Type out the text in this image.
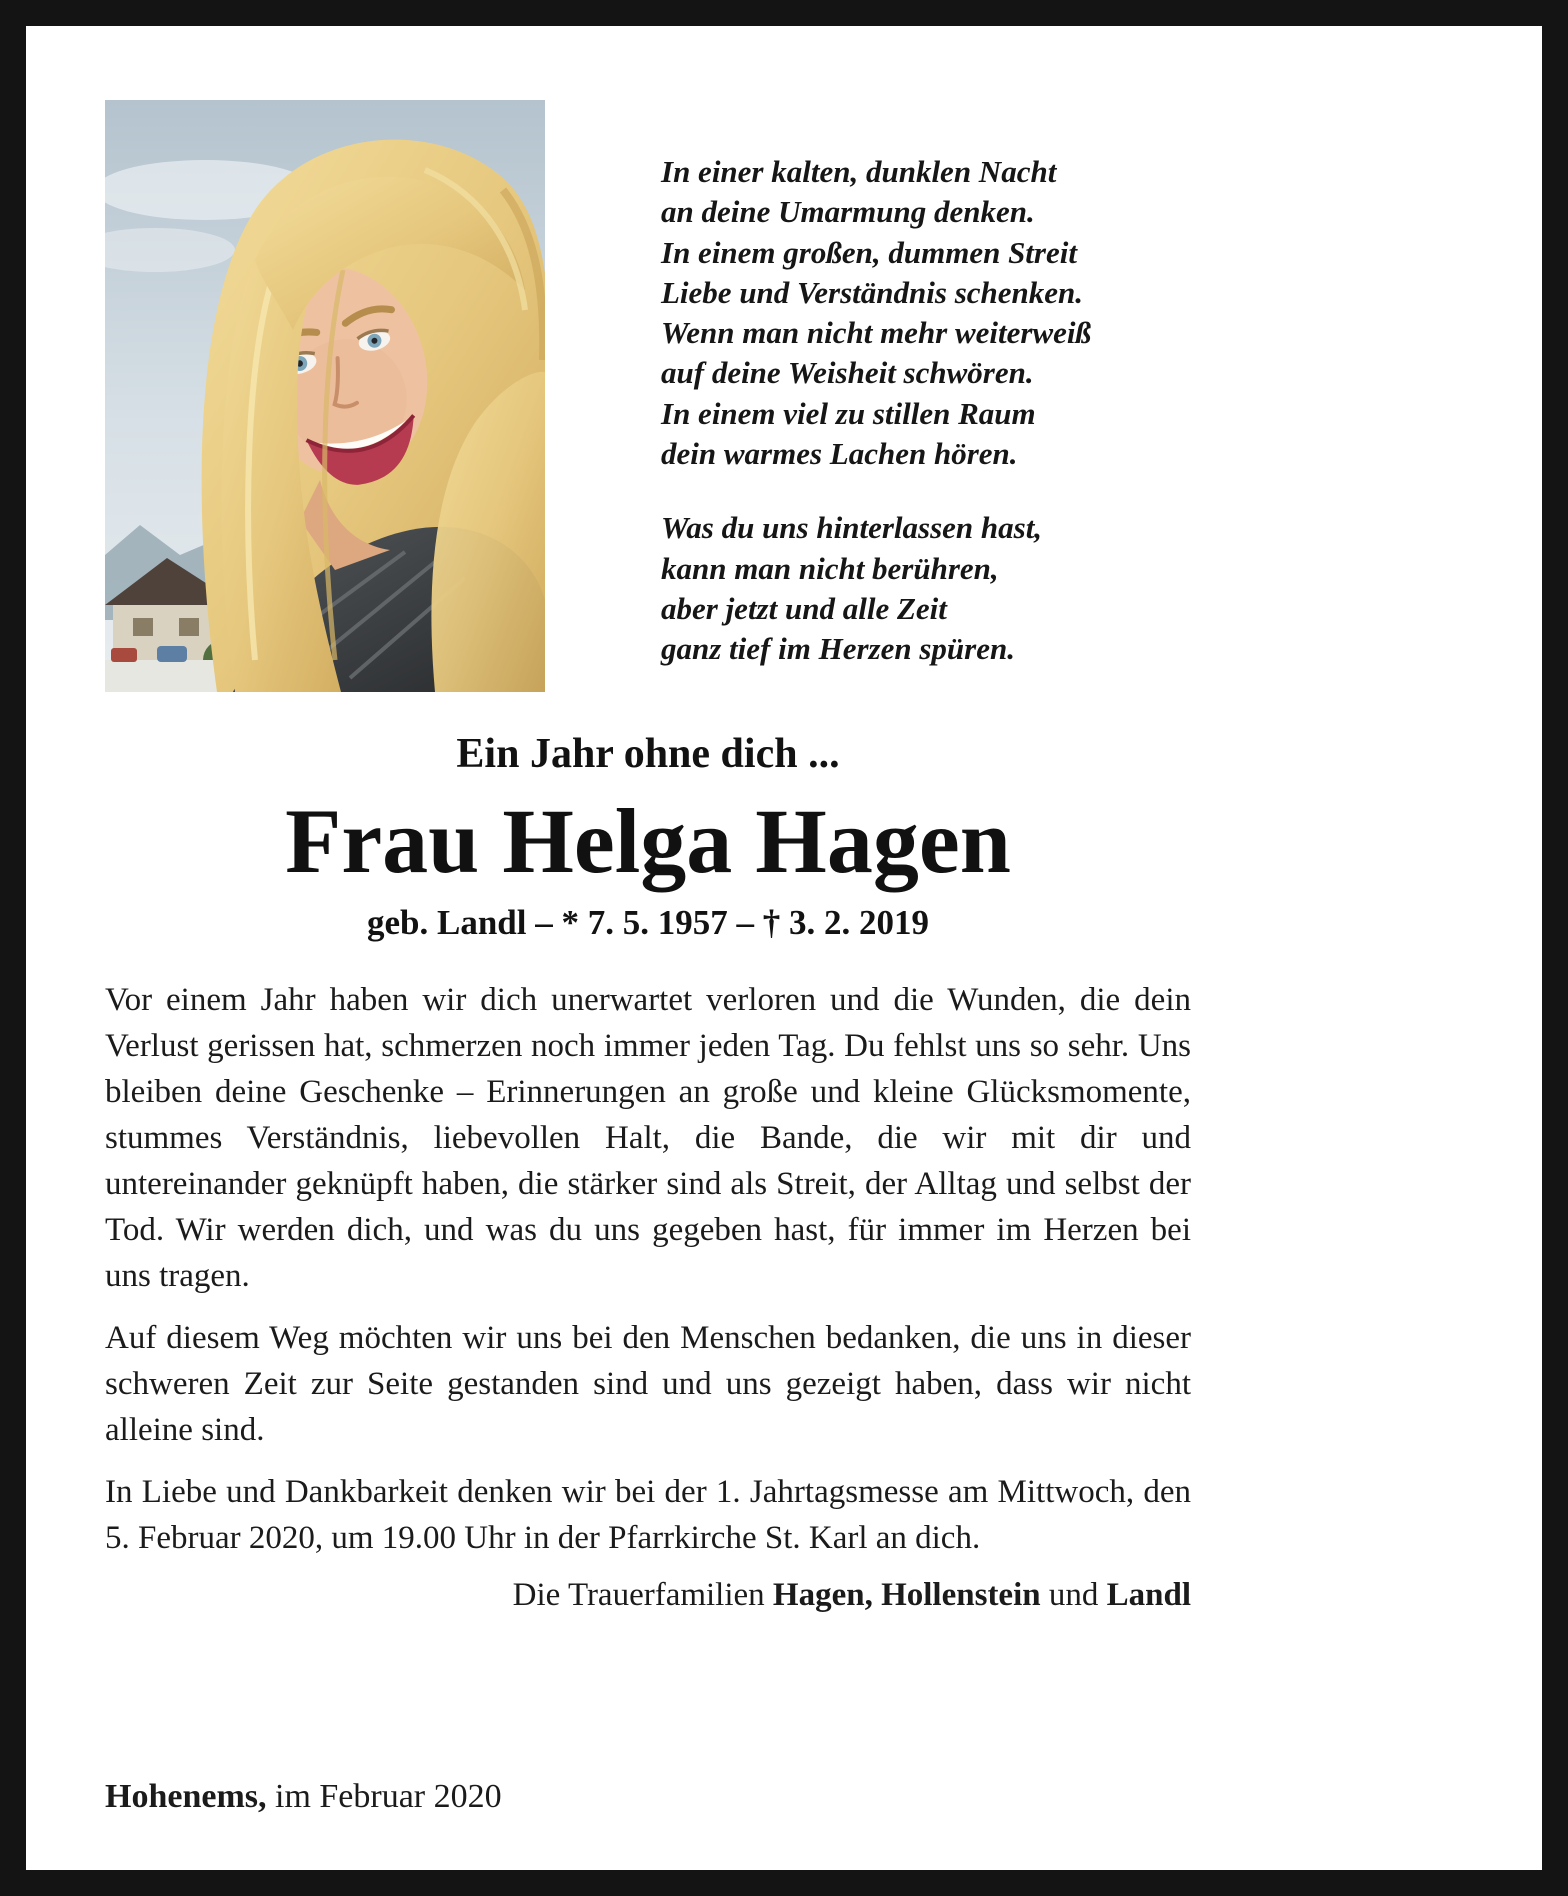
In einer kalten, dunklen Nacht
an deine Umarmung denken.
In einem großen, dummen Streit
Liebe und Verständnis schenken.
Wenn man nicht mehr weiterweiß
auf deine Weisheit schwören.
In einem viel zu stillen Raum
dein warmes Lachen hören.

Was du uns hinterlassen hast,
kann man nicht berühren,
aber jetzt und alle Zeit
ganz tief im Herzen spüren.

Ein Jahr ohne dich ...
Frau Helga Hagen
geb. Landl – * 7. 5. 1957 – † 3. 2. 2019

Vor einem Jahr haben wir dich unerwartet verloren und die Wunden, die dein Verlust gerissen hat, schmerzen noch immer jeden Tag. Du fehlst uns so sehr. Uns bleiben deine Geschenke – Erinnerungen an große und kleine Glücksmomente, stummes Verständnis, liebevollen Halt, die Bande, die wir mit dir und untereinander geknüpft haben, die stärker sind als Streit, der Alltag und selbst der Tod. Wir werden dich, und was du uns gegeben hast, für immer im Herzen bei uns tragen.

Auf diesem Weg möchten wir uns bei den Menschen bedanken, die uns in dieser schweren Zeit zur Seite gestanden sind und uns gezeigt haben, dass wir nicht alleine sind.

In Liebe und Dankbarkeit denken wir bei der 1. Jahrtagsmesse am Mittwoch, den 5. Februar 2020, um 19.00 Uhr in der Pfarrkirche St. Karl an dich.

Die Trauerfamilien Hagen, Hollenstein und Landl
Hohenems, im Februar 2020
